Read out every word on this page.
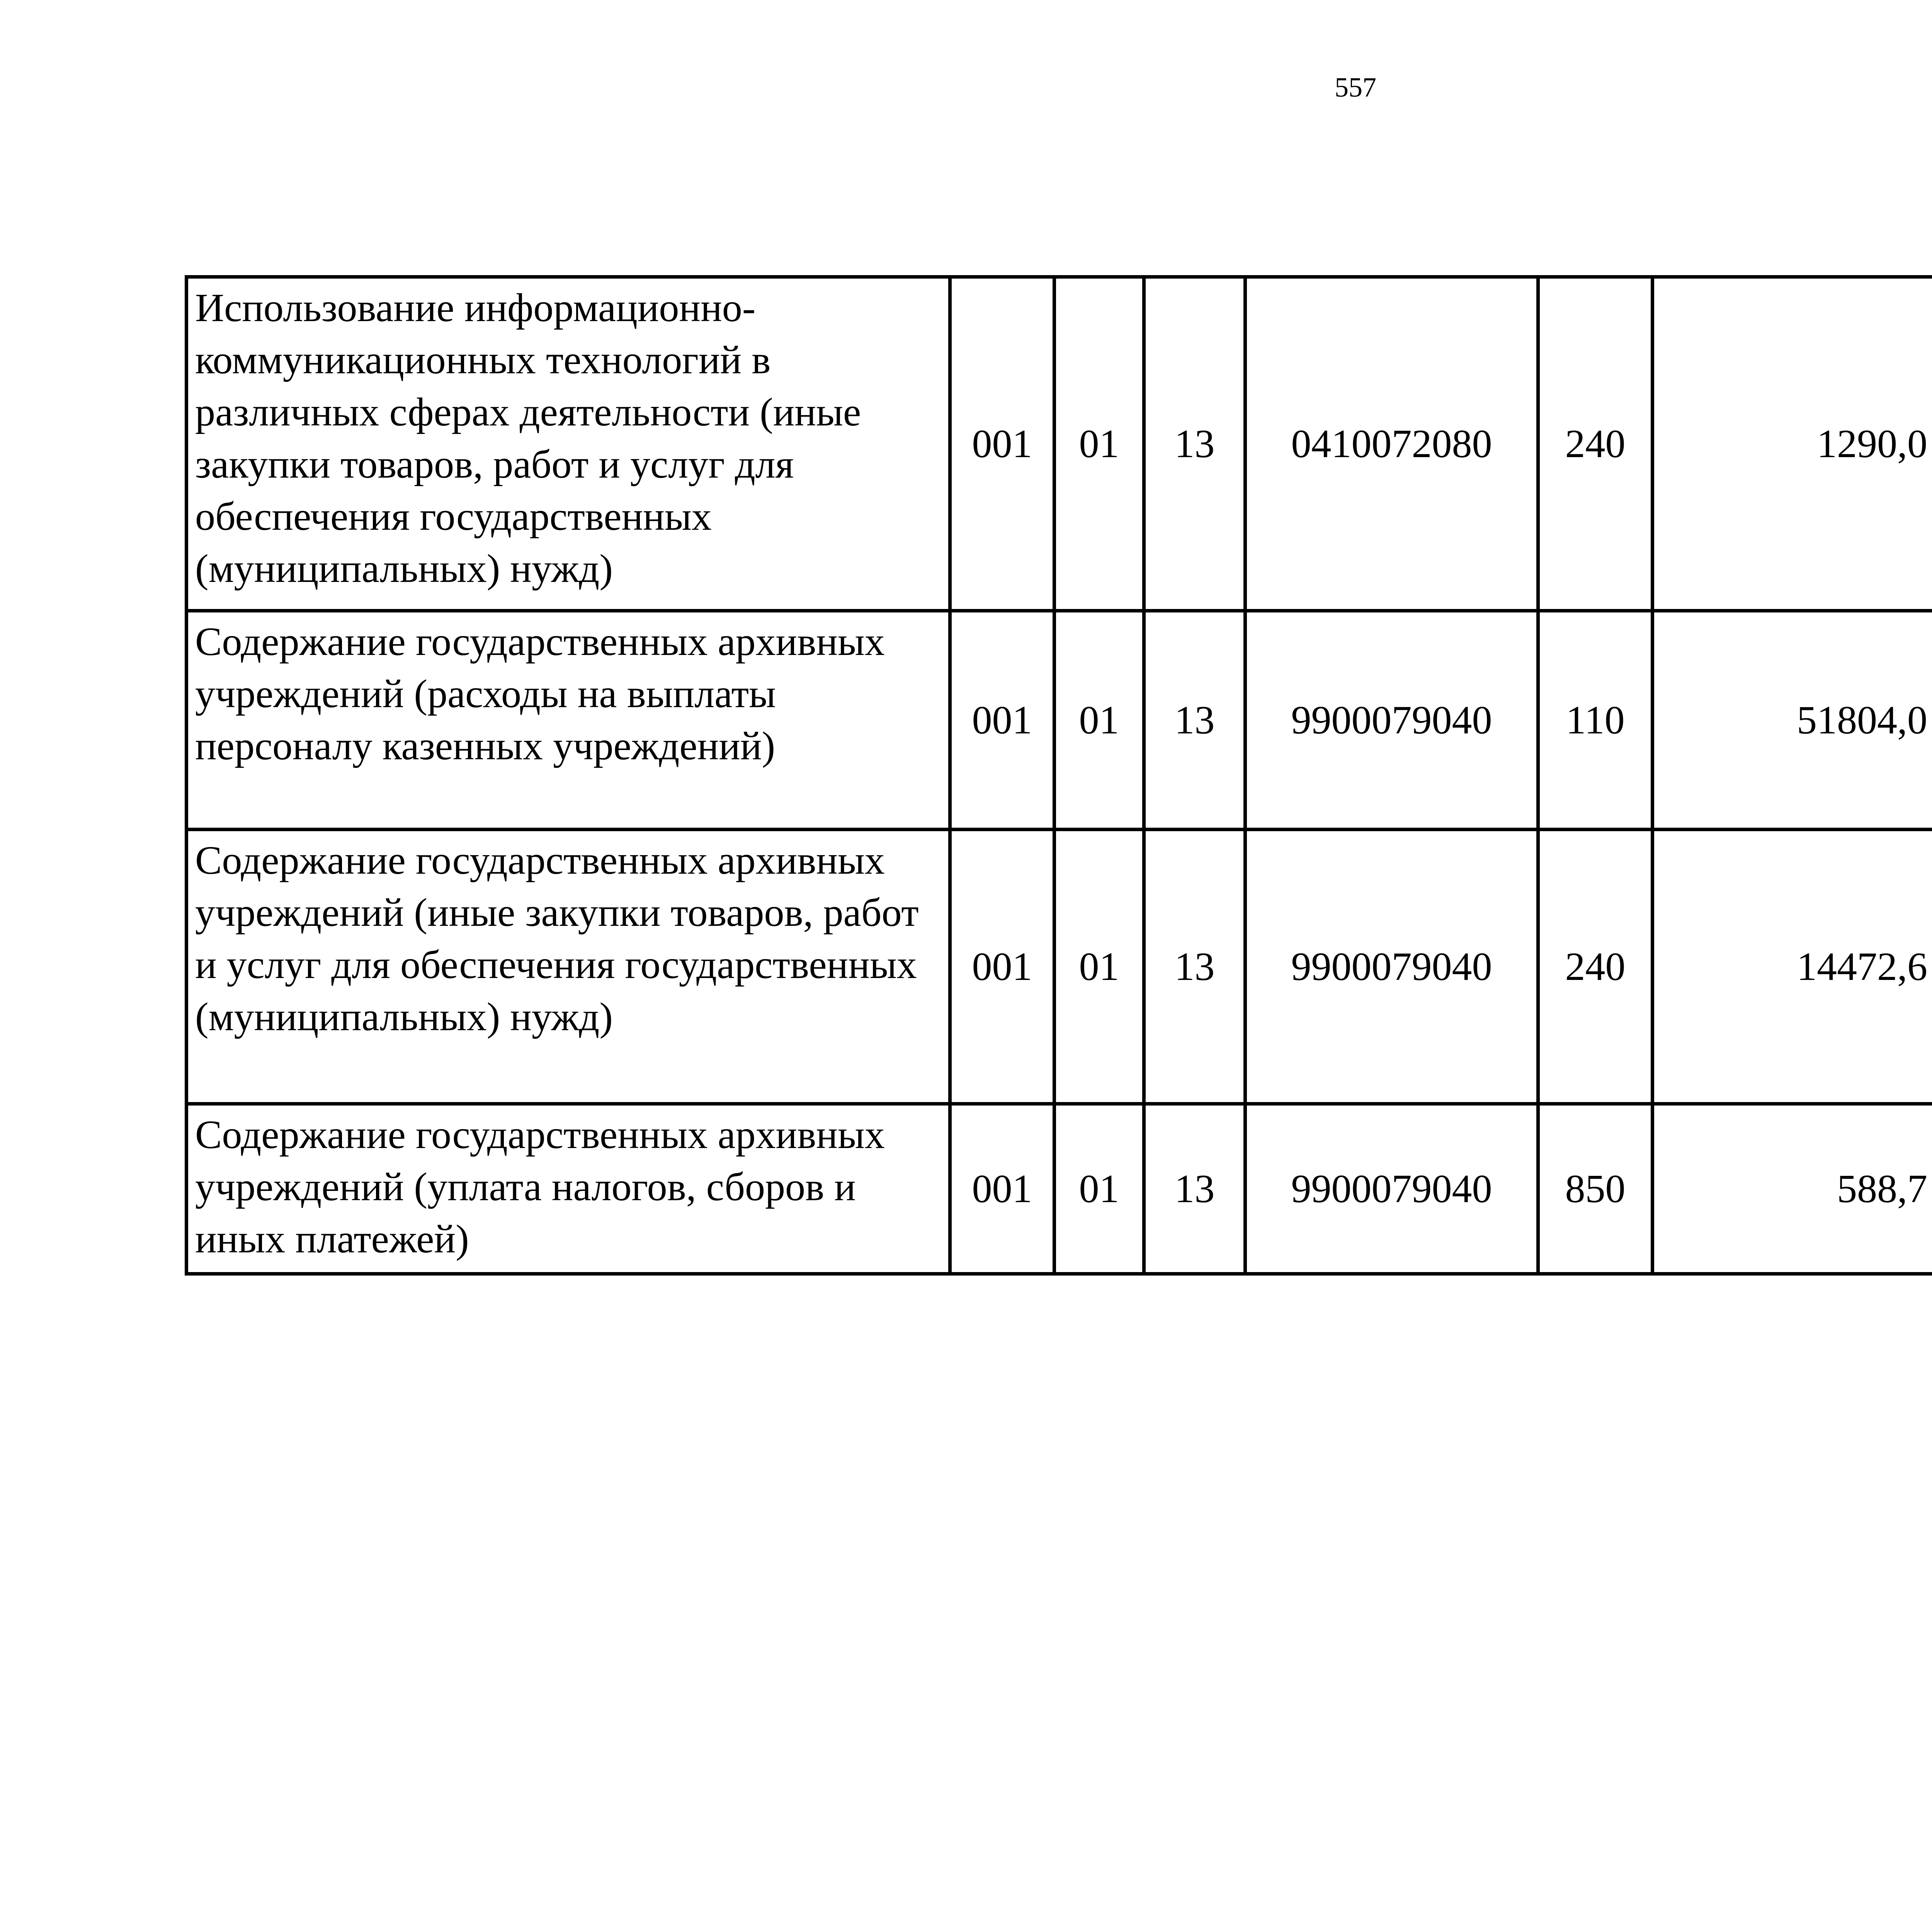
557
Использование информационно-коммуникационных технологий в различных сферах деятельности (иные закупки товаров, работ и услуг для обеспечения государственных (муниципальных) нужд)	001	01	13	0410072080	240	1290,0		
Содержание государственных архивных учреждений (расходы на выплаты персоналу казенных учреждений)	001	01	13	9900079040	110	51804,0		
Содержание государственных архивных учреждений (иные закупки товаров, работ и услуг для обеспечения государственных (муниципальных) нужд)	001	01	13	9900079040	240	14472,6		
Содержание государственных архивных учреждений (уплата налогов, сборов и иных платежей)	001	01	13	9900079040	850	588,7		
